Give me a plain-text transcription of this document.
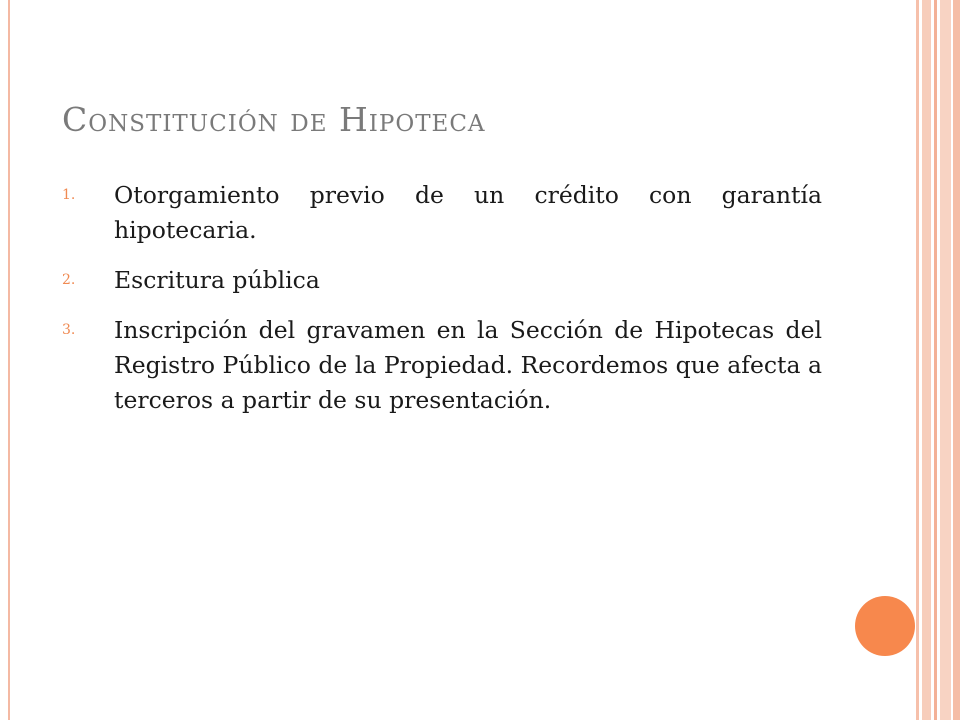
Constitución de Hipoteca
1.	Otorgamiento previo de un crédito con garantía hipotecaria.
2.	Escritura pública
3.	Inscripción del gravamen en la Sección de Hipotecas del Registro Público de la Propiedad. Recordemos que afecta a terceros a partir de su presentación.
